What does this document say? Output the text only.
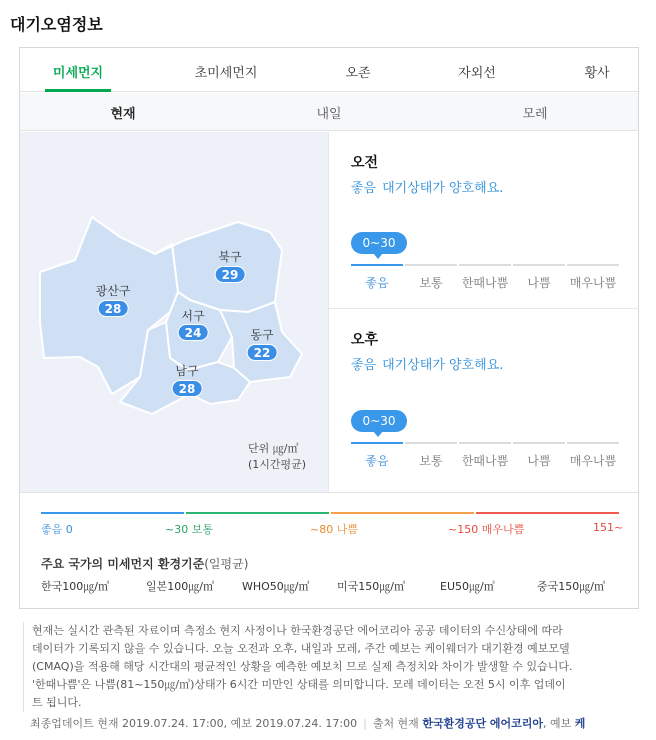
대기오염정보
미세먼지	초미세먼지	오존	자외선	황사
현재	내일	모레
북구
29
광산구
28	서구
24	동구
22
남구
28
단위 ㎍/㎥
(1시간평균)
오전
좋음 대기상태가 양호해요.
0~30
좋음	보통 한때나쁨 나쁨 매우나쁨
오후
좋음 대기상태가 양호해요.
0~30
좋음	보통 한때나쁨 나쁨 매우나쁨
좋음 0	~30 보통	~80 나쁨	~150 매우나쁨	151~
주요 국가의 미세먼지 환경기준(일평균)
한국100㎍/㎥	일본100㎍/㎥	WHO50㎍/㎥ 미국150㎍/㎥	EU50㎍/㎥	중국150㎍/㎥
현재는 실시간 관측된 자료이며 측정소 현지 사정이나 한국환경공단 에어코리아 공공 데이터의 수신상태에 따라
데이터가 기록되지 않을 수 있습니다. 오늘 오전과 오후, 내일과 모레, 주간 예보는 케이웨더가 대기환경 예보모델
(CMAQ)을 적용해 해당 시간대의 평균적인 상황을 예측한 예보치 므로 실제 측정치와 차이가 발생할 수 있습니다.
'한때나쁨'은 나쁨(81~150㎍/㎥)상태가 6시간 미만인 상태를 의미합니다. 모레 데이터는 오전 5시 이후 업데이
트 됩니다.
최종업데이트 현재 2019.07.24. 17:00, 예보 2019.07.24. 17:00 | 출처 현재 한국환경공단 에어코리아, 예보 케
